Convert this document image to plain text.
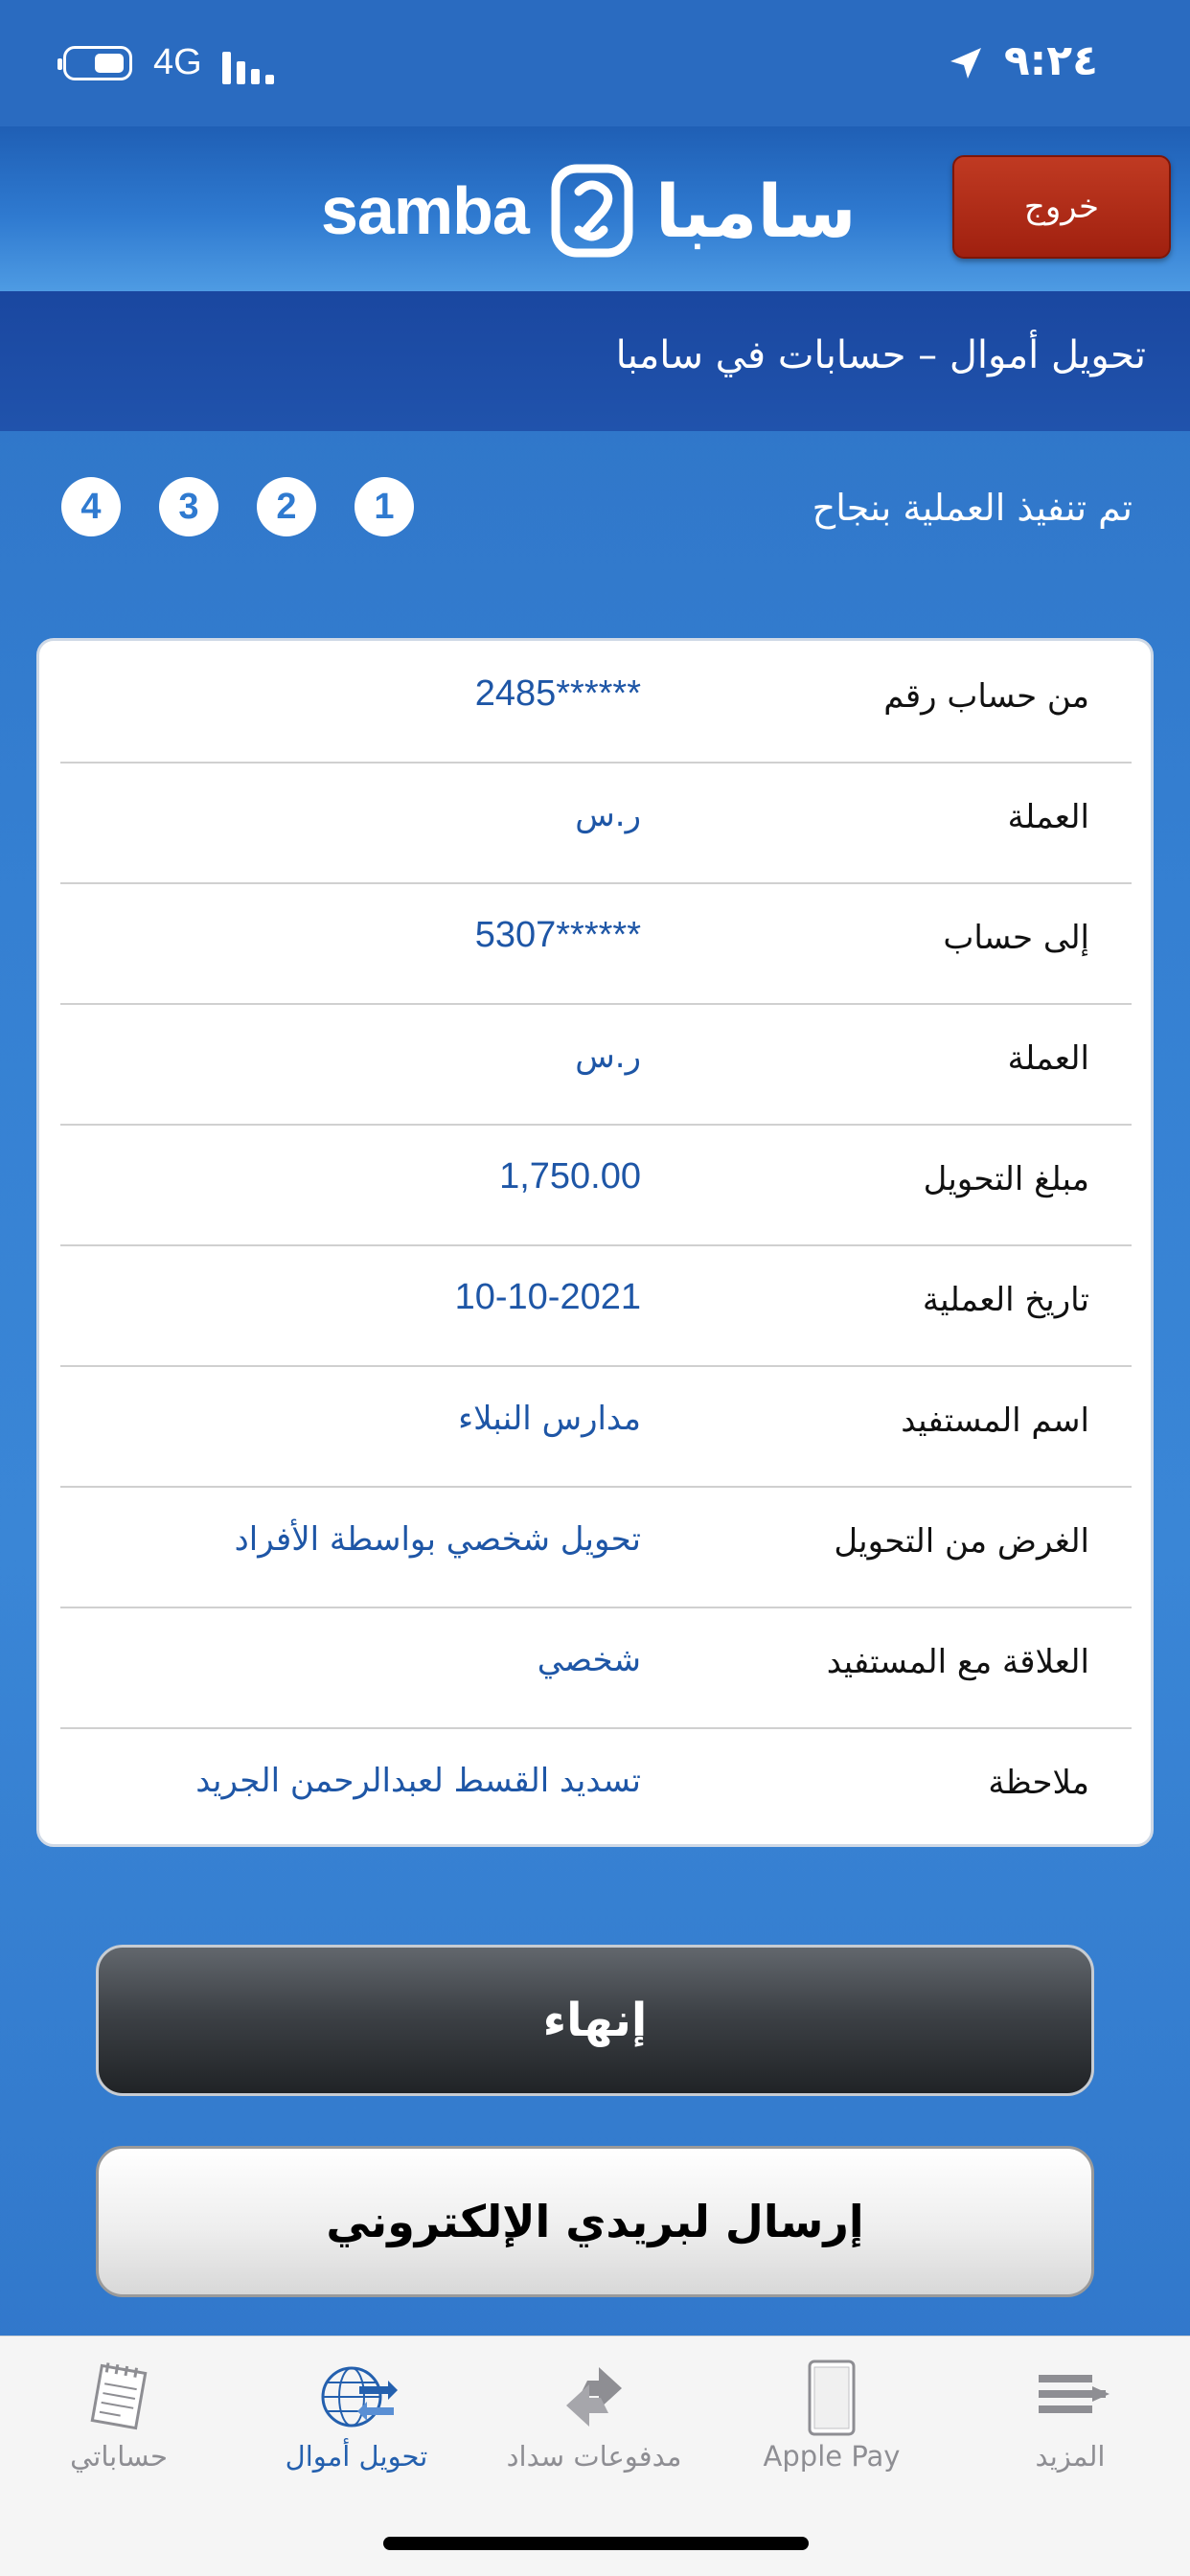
4G	٩:٢٤
samba سامبا	خروج
تحويل أموال – حسابات في سامبا
تم تنفيذ العملية بنجاح
1
2
3
4
من حساب رقم
******2485
العملة
ر.س
إلى حساب
******5307
العملة
ر.س
مبلغ التحويل
1,750.00
تاريخ العملية
10-10-2021
اسم المستفيد
مدارس النبلاء
الغرض من التحويل
تحويل شخصي بواسطة الأفراد
العلاقة مع المستفيد
شخصي
ملاحظة
تسديد القسط لعبدالرحمن الجريد
إنهاء
إرسال لبريدي الإلكتروني
حساباتي	تحويل أموال	مدفوعات سداد	Apple Pay	المزيد
